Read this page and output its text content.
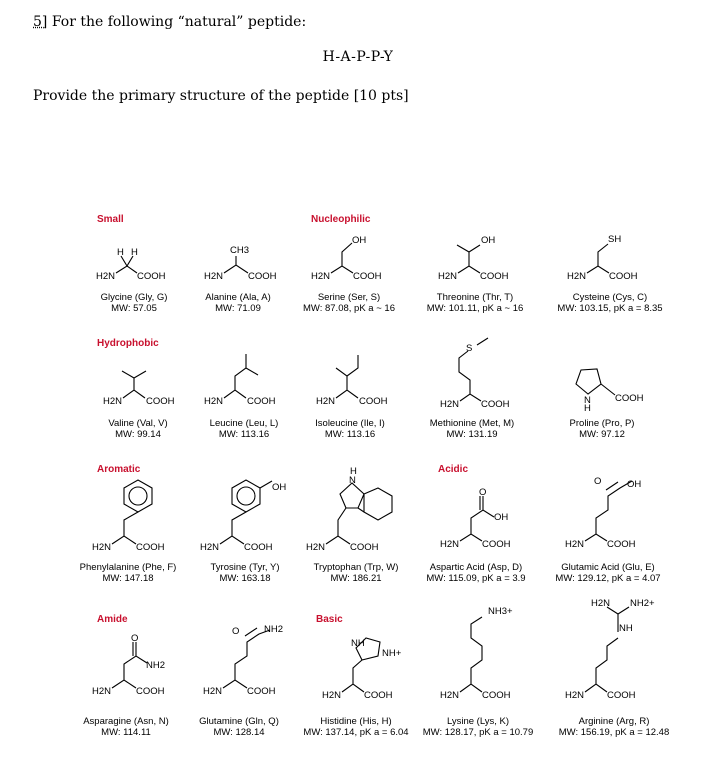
5] For the following “natural” peptide:
H-A-P-P-Y
Provide the primary structure of the peptide [10 pts]
Small	Nucleophilic
Hydrophobic
Aromatic	Acidic
Amide	Basic
H2N
H H
COOH
Glycine (Gly, G)
MW: 57.05
H2N
CH3
COOH
Alanine (Ala, A)
MW: 71.09
H2N
OH
COOH
Serine (Ser, S)
MW: 87.08, pK a ~ 16
H2N
OH
COOH
Threonine (Thr, T)
MW: 101.11, pK a ~ 16
H2N
SH
COOH
Cysteine (Cys, C)
MW: 103.15, pK a = 8.35
H2N	COOH
Valine (Val, V)
MW: 99.14
H2N	COOH
Leucine (Leu, L)
MW: 113.16
H2N	COOH
Isoleucine (Ile, I)
MW: 113.16
H2N
S
COOH
Methionine (Met, M)
MW: 131.19
N
H
COOH
Proline (Pro, P)
MW: 97.12
H2N	COOH
Phenylalanine (Phe, F)
MW: 147.18
H2N
OH
COOH
Tyrosine (Tyr, Y)
MW: 163.18
H2N
N
H
COOH
Tryptophan (Trp, W)
MW: 186.21
H2N
O
OH
COOH
Aspartic Acid (Asp, D)
MW: 115.09, pK a = 3.9
H2N
O	OH
COOH
Glutamic Acid (Glu, E)
MW: 129.12, pK a = 4.07
H2N
O
NH2
COOH
Asparagine (Asn, N)
MW: 114.11
H2N
O	NH2
COOH
Glutamine (Gln, Q)
MW: 128.14
H2N
NH
NH+
COOH
Histidine (His, H)
MW: 137.14, pK a = 6.04
H2N
NH3+
COOH
Lysine (Lys, K)
MW: 128.17, pK a = 10.79
H2N
NH
H2N NH2+
COOH
Arginine (Arg, R)
MW: 156.19, pK a = 12.48
